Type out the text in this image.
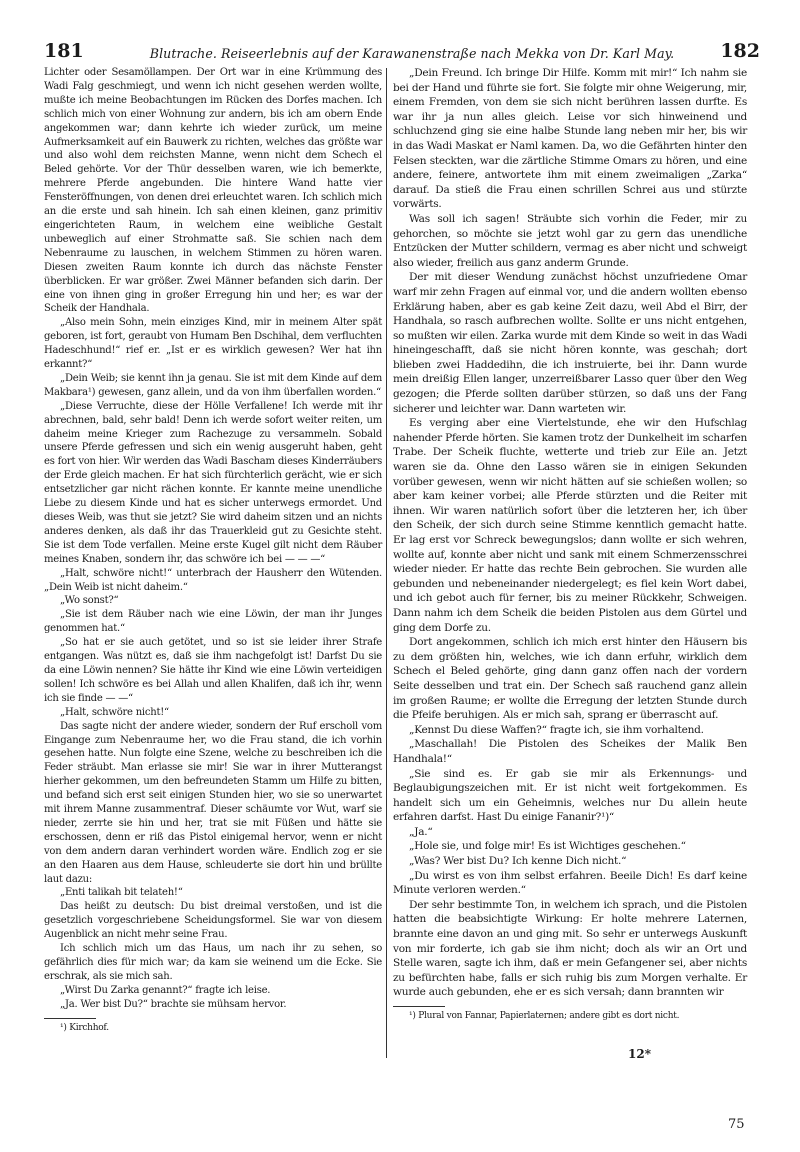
181	Blutrache. Reiseerlebnis auf der Karawanenstraße nach Mekka von Dr. Karl May.	182

Lichter oder Sesamöllampen. Der Ort war in eine Krümmung des Wadi Falg geschmiegt, und wenn ich nicht gesehen werden wollte, mußte ich meine Beobachtungen im Rücken des Dorfes machen. Ich schlich mich von einer Wohnung zur andern, bis ich am obern Ende angekommen war; dann kehrte ich wieder zurück, um meine Aufmerksamkeit auf ein Bauwerk zu richten, welches das größte war und also wohl dem reichsten Manne, wenn nicht dem Schech el Beled gehörte. Vor der Thür desselben waren, wie ich bemerkte, mehrere Pferde angebunden. Die hintere Wand hatte vier Fensteröffnungen, von denen drei erleuchtet waren. Ich schlich mich an die erste und sah hinein. Ich sah einen kleinen, ganz primitiv eingerichteten Raum, in welchem eine weibliche Gestalt unbeweglich auf einer Strohmatte saß. Sie schien nach dem Nebenraume zu lauschen, in welchem Stimmen zu hören waren. Diesen zweiten Raum konnte ich durch das nächste Fenster überblicken. Er war größer. Zwei Männer befanden sich darin. Der eine von ihnen ging in großer Erregung hin und her; es war der Scheik der Handhala.

„Also mein Sohn, mein einziges Kind, mir in meinem Alter spät geboren, ist fort, geraubt von Humam Ben Dschihal, dem verfluchten Hadeschhund!“ rief er. „Ist er es wirklich gewesen? Wer hat ihn erkannt?“

„Dein Weib; sie kennt ihn ja genau. Sie ist mit dem Kinde auf dem Makbara¹) gewesen, ganz allein, und da von ihm überfallen worden.“

„Diese Verruchte, diese der Hölle Verfallene! Ich werde mit ihr abrechnen, bald, sehr bald! Denn ich werde sofort weiter reiten, um daheim meine Krieger zum Rachezuge zu versammeln. Sobald unsere Pferde gefressen und sich ein wenig ausgeruht haben, geht es fort von hier. Wir werden das Wadi Bascham dieses Kinderräubers der Erde gleich machen. Er hat sich fürchterlich gerächt, wie er sich entsetzlicher gar nicht rächen konnte. Er kannte meine unendliche Liebe zu diesem Kinde und hat es sicher unterwegs ermordet. Und dieses Weib, was thut sie jetzt? Sie wird daheim sitzen und an nichts anderes denken, als daß ihr das Trauerkleid gut zu Gesichte steht. Sie ist dem Tode verfallen. Meine erste Kugel gilt nicht dem Räuber meines Knaben, sondern ihr, das schwöre ich bei — — —“

„Halt, schwöre nicht!“ unterbrach der Hausherr den Wütenden. „Dein Weib ist nicht daheim.“

„Wo sonst?“

„Sie ist dem Räuber nach wie eine Löwin, der man ihr Junges genommen hat.“

„So hat er sie auch getötet, und so ist sie leider ihrer Strafe entgangen. Was nützt es, daß sie ihm nachgefolgt ist! Darfst Du sie da eine Löwin nennen? Sie hätte ihr Kind wie eine Löwin verteidigen sollen! Ich schwöre es bei Allah und allen Khalifen, daß ich ihr, wenn ich sie finde — —“

„Halt, schwöre nicht!“

Das sagte nicht der andere wieder, sondern der Ruf erscholl vom Eingange zum Nebenraume her, wo die Frau stand, die ich vorhin gesehen hatte. Nun folgte eine Szene, welche zu beschreiben ich die Feder sträubt. Man erlasse sie mir! Sie war in ihrer Mutterangst hierher gekommen, um den befreundeten Stamm um Hilfe zu bitten, und befand sich erst seit einigen Stunden hier, wo sie so unerwartet mit ihrem Manne zusammentraf. Dieser schäumte vor Wut, warf sie nieder, zerrte sie hin und her, trat sie mit Füßen und hätte sie erschossen, denn er riß das Pistol einigemal hervor, wenn er nicht von dem andern daran verhindert worden wäre. Endlich zog er sie an den Haaren aus dem Hause, schleuderte sie dort hin und brüllte laut dazu:

„Enti talikah bit telateh!“

Das heißt zu deutsch: Du bist dreimal verstoßen, und ist die gesetzlich vorgeschriebene Scheidungsformel. Sie war von diesem Augenblick an nicht mehr seine Frau.

Ich schlich mich um das Haus, um nach ihr zu sehen, so gefährlich dies für mich war; da kam sie weinend um die Ecke. Sie erschrak, als sie mich sah.

„Wirst Du Zarka genannt?“ fragte ich leise.

„Ja. Wer bist Du?“ brachte sie mühsam hervor.

¹) Kirchhof.

„Dein Freund. Ich bringe Dir Hilfe. Komm mit mir!“ Ich nahm sie bei der Hand und führte sie fort. Sie folgte mir ohne Weigerung, mir, einem Fremden, von dem sie sich nicht berühren lassen durfte. Es war ihr ja nun alles gleich. Leise vor sich hinweinend und schluchzend ging sie eine halbe Stunde lang neben mir her, bis wir in das Wadi Maskat er Naml kamen. Da, wo die Gefährten hinter den Felsen steckten, war die zärtliche Stimme Omars zu hören, und eine andere, feinere, antwortete ihm mit einem zweimaligen „Zarka“ darauf. Da stieß die Frau einen schrillen Schrei aus und stürzte vorwärts.

Was soll ich sagen! Sträubte sich vorhin die Feder, mir zu gehorchen, so möchte sie jetzt wohl gar zu gern das unendliche Entzücken der Mutter schildern, vermag es aber nicht und schweigt also wieder, freilich aus ganz anderm Grunde.

Der mit dieser Wendung zunächst höchst unzufriedene Omar warf mir zehn Fragen auf einmal vor, und die andern wollten ebenso Erklärung haben, aber es gab keine Zeit dazu, weil Abd el Birr, der Handhala, so rasch aufbrechen wollte. Sollte er uns nicht entgehen, so mußten wir eilen. Zarka wurde mit dem Kinde so weit in das Wadi hineingeschafft, daß sie nicht hören konnte, was geschah; dort blieben zwei Haddedihn, die ich instruierte, bei ihr. Dann wurde mein dreißig Ellen langer, unzerreißbarer Lasso quer über den Weg gezogen; die Pferde sollten darüber stürzen, so daß uns der Fang sicherer und leichter war. Dann warteten wir.

Es verging aber eine Viertelstunde, ehe wir den Hufschlag nahender Pferde hörten. Sie kamen trotz der Dunkelheit im scharfen Trabe. Der Scheik fluchte, wetterte und trieb zur Eile an. Jetzt waren sie da. Ohne den Lasso wären sie in einigen Sekunden vorüber gewesen, wenn wir nicht hätten auf sie schießen wollen; so aber kam keiner vorbei; alle Pferde stürzten und die Reiter mit ihnen. Wir waren natürlich sofort über die letzteren her, ich über den Scheik, der sich durch seine Stimme kenntlich gemacht hatte. Er lag erst vor Schreck bewegungslos; dann wollte er sich wehren, wollte auf, konnte aber nicht und sank mit einem Schmerzensschrei wieder nieder. Er hatte das rechte Bein gebrochen. Sie wurden alle gebunden und nebeneinander niedergelegt; es fiel kein Wort dabei, und ich gebot auch für ferner, bis zu meiner Rückkehr, Schweigen. Dann nahm ich dem Scheik die beiden Pistolen aus dem Gürtel und ging dem Dorfe zu.

Dort angekommen, schlich ich mich erst hinter den Häusern bis zu dem größten hin, welches, wie ich dann erfuhr, wirklich dem Schech el Beled gehörte, ging dann ganz offen nach der vordern Seite desselben und trat ein. Der Schech saß rauchend ganz allein im großen Raume; er wollte die Erregung der letzten Stunde durch die Pfeife beruhigen. Als er mich sah, sprang er überrascht auf.

„Kennst Du diese Waffen?“ fragte ich, sie ihm vorhaltend.

„Maschallah! Die Pistolen des Scheikes der Malik Ben Handhala!“

„Sie sind es. Er gab sie mir als Erkennungs- und Beglaubigungszeichen mit. Er ist nicht weit fortgekommen. Es handelt sich um ein Geheimnis, welches nur Du allein heute erfahren darfst. Hast Du einige Fananir?¹)“

„Ja.“

„Hole sie, und folge mir! Es ist Wichtiges geschehen.“

„Was? Wer bist Du? Ich kenne Dich nicht.“

„Du wirst es von ihm selbst erfahren. Beeile Dich! Es darf keine Minute verloren werden.“

Der sehr bestimmte Ton, in welchem ich sprach, und die Pistolen hatten die beabsichtigte Wirkung: Er holte mehrere Laternen, brannte eine davon an und ging mit. So sehr er unterwegs Auskunft von mir forderte, ich gab sie ihm nicht; doch als wir an Ort und Stelle waren, sagte ich ihm, daß er mein Gefangener sei, aber nichts zu befürchten habe, falls er sich ruhig bis zum Morgen verhalte. Er wurde auch gebunden, ehe er es sich versah; dann brannten wir

¹) Plural von Fannar, Papierlaternen; andere gibt es dort nicht.

12*
75
